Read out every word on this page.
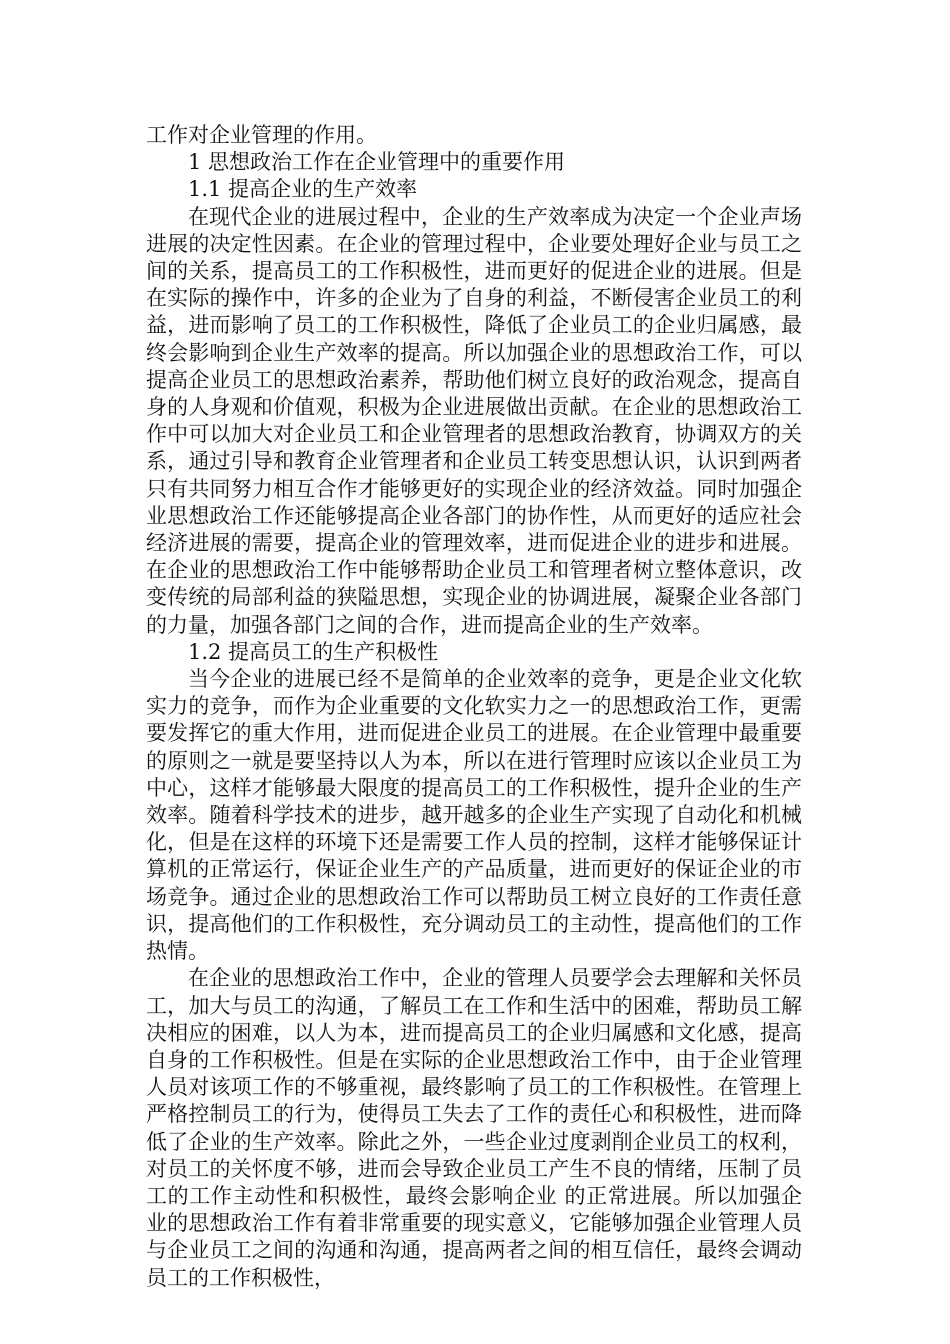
工作对企业管理的作用。

1 思想政治工作在企业管理中的重要作用

1.1 提高企业的生产效率

在现代企业的进展过程中，企业的生产效率成为决定一个企业声场进展的决定性因素。在企业的管理过程中，企业要处理好企业与员工之间的关系，提高员工的工作积极性，进而更好的促进企业的进展。但是在实际的操作中，许多的企业为了自身的利益，不断侵害企业员工的利益，进而影响了员工的工作积极性，降低了企业员工的企业归属感，最终会影响到企业生产效率的提高。所以加强企业的思想政治工作，可以提高企业员工的思想政治素养，帮助他们树立良好的政治观念，提高自身的人身观和价值观，积极为企业进展做出贡献。在企业的思想政治工作中可以加大对企业员工和企业管理者的思想政治教育，协调双方的关系，通过引导和教育企业管理者和企业员工转变思想认识，认识到两者只有共同努力相互合作才能够更好的实现企业的经济效益。同时加强企业思想政治工作还能够提高企业各部门的协作性，从而更好的适应社会经济进展的需要，提高企业的管理效率，进而促进企业的进步和进展。在企业的思想政治工作中能够帮助企业员工和管理者树立整体意识，改变传统的局部利益的狭隘思想，实现企业的协调进展，凝聚企业各部门的力量，加强各部门之间的合作，进而提高企业的生产效率。

1.2 提高员工的生产积极性

当今企业的进展已经不是简单的企业效率的竞争，更是企业文化软实力的竞争，而作为企业重要的文化软实力之一的思想政治工作，更需要发挥它的重大作用，进而促进企业员工的进展。在企业管理中最重要的原则之一就是要坚持以人为本，所以在进行管理时应该以企业员工为中心，这样才能够最大限度的提高员工的工作积极性，提升企业的生产效率。随着科学技术的进步，越开越多的企业生产实现了自动化和机械化，但是在这样的环境下还是需要工作人员的控制，这样才能够保证计算机的正常运行，保证企业生产的产品质量，进而更好的保证企业的市场竞争。通过企业的思想政治工作可以帮助员工树立良好的工作责任意识，提高他们的工作积极性，充分调动员工的主动性，提高他们的工作热情。

在企业的思想政治工作中，企业的管理人员要学会去理解和关怀员工，加大与员工的沟通，了解员工在工作和生活中的困难，帮助员工解决相应的困难，以人为本，进而提高员工的企业归属感和文化感，提高自身的工作积极性。但是在实际的企业思想政治工作中，由于企业管理人员对该项工作的不够重视，最终影响了员工的工作积极性。在管理上严格控制员工的行为，使得员工失去了工作的责任心和积极性，进而降低了企业的生产效率。除此之外，一些企业过度剥削企业员工的权利，对员工的关怀度不够，进而会导致企业员工产生不良的情绪，压制了员工的工作主动性和积极性，最终会影响企业 的正常进展。所以加强企业的思想政治工作有着非常重要的现实意义，它能够加强企业管理人员与企业员工之间的沟通和沟通，提高两者之间的相互信任，最终会调动员工的工作积极性，
